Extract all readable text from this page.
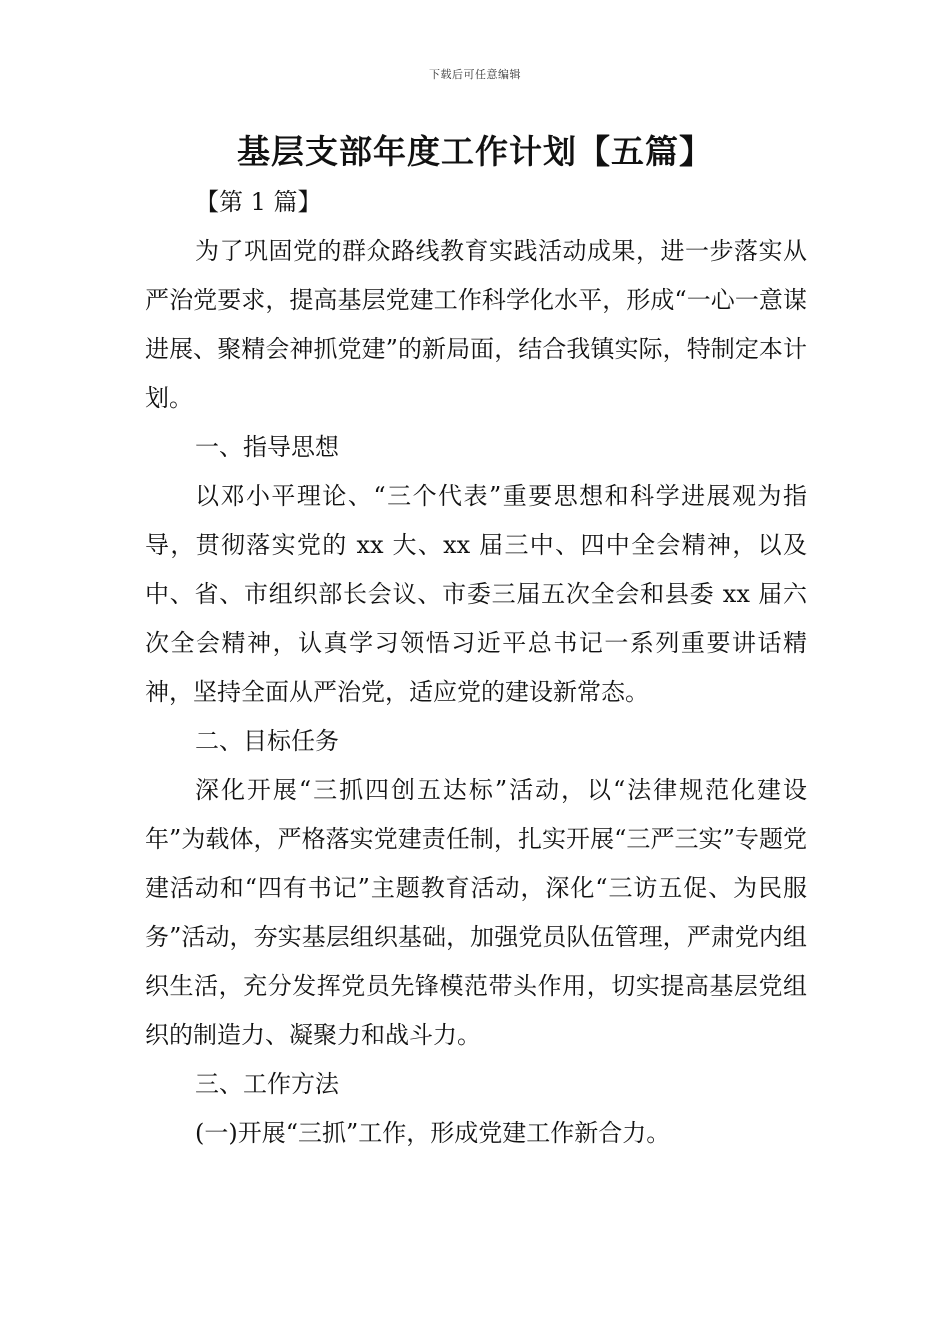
下载后可任意编辑
基层支部年度工作计划【五篇】

【第 1 篇】

为了巩固党的群众路线教育实践活动成果，进一步落实从严治党要求，提高基层党建工作科学化水平，形成“一心一意谋进展、聚精会神抓党建”的新局面，结合我镇实际，特制定本计划。

一、指导思想

以邓小平理论、“三个代表”重要思想和科学进展观为指导，贯彻落实党的 xx 大、xx 届三中、四中全会精神，以及中、省、市组织部长会议、市委三届五次全会和县委 xx 届六次全会精神，认真学习领悟习近平总书记一系列重要讲话精神，坚持全面从严治党，适应党的建设新常态。

二、目标任务

深化开展“三抓四创五达标”活动，以“法律规范化建设年”为载体，严格落实党建责任制，扎实开展“三严三实”专题党建活动和“四有书记”主题教育活动，深化“三访五促、为民服务”活动，夯实基层组织基础，加强党员队伍管理，严肃党内组织生活，充分发挥党员先锋模范带头作用，切实提高基层党组织的制造力、凝聚力和战斗力。

三、工作方法

(一)开展“三抓”工作，形成党建工作新合力。
